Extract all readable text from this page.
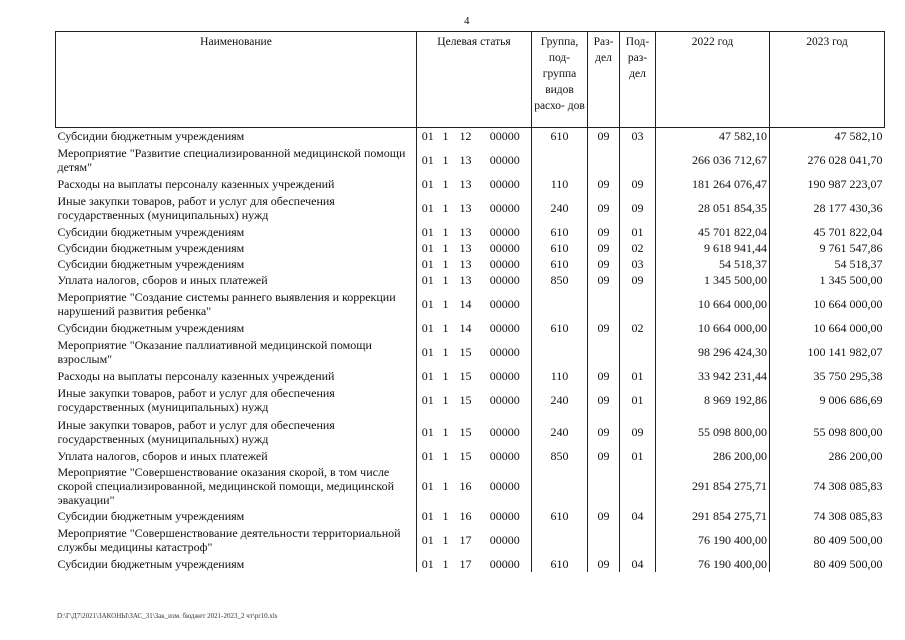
4
Наименование	Целевая статья				Группа, под- группа видов расхо- дов	Раз- дел	Под- раз- дел	2022 год	2023 год
Субсидии бюджетным учреждениям	01	1	12	00000	610	09	03	47 582,10	47 582,10
Мероприятие "Развитие специализированной медицинской помощи детям"	01	1	13	00000				266 036 712,67	276 028 041,70
Расходы на выплаты персоналу казенных учреждений	01	1	13	00000	110	09	09	181 264 076,47	190 987 223,07
Иные закупки товаров, работ и услуг для обеспечения государственных (муниципальных) нужд	01	1	13	00000	240	09	09	28 051 854,35	28 177 430,36
Субсидии бюджетным учреждениям	01	1	13	00000	610	09	01	45 701 822,04	45 701 822,04
Субсидии бюджетным учреждениям	01	1	13	00000	610	09	02	9 618 941,44	9 761 547,86
Субсидии бюджетным учреждениям	01	1	13	00000	610	09	03	54 518,37	54 518,37
Уплата налогов, сборов и иных платежей	01	1	13	00000	850	09	09	1 345 500,00	1 345 500,00
Мероприятие "Создание системы раннего выявления и коррекции нарушений развития ребенка"	01	1	14	00000				10 664 000,00	10 664 000,00
Субсидии бюджетным учреждениям	01	1	14	00000	610	09	02	10 664 000,00	10 664 000,00
Мероприятие "Оказание паллиативной медицинской помощи взрослым"	01	1	15	00000				98 296 424,30	100 141 982,07
Расходы на выплаты персоналу казенных учреждений	01	1	15	00000	110	09	01	33 942 231,44	35 750 295,38
Иные закупки товаров, работ и услуг для обеспечения государственных (муниципальных) нужд	01	1	15	00000	240	09	01	8 969 192,86	9 006 686,69
Иные закупки товаров, работ и услуг для обеспечения государственных (муниципальных) нужд	01	1	15	00000	240	09	09	55 098 800,00	55 098 800,00
Уплата налогов, сборов и иных платежей	01	1	15	00000	850	09	01	286 200,00	286 200,00
Мероприятие "Совершенствование оказания скорой, в том числе скорой специализированной, медицинской помощи, медицинской эвакуации"	01	1	16	00000				291 854 275,71	74 308 085,83
Субсидии бюджетным учреждениям	01	1	16	00000	610	09	04	291 854 275,71	74 308 085,83
Мероприятие "Совершенствование деятельности территориальной службы медицины катастроф"	01	1	17	00000				76 190 400,00	80 409 500,00
Субсидии бюджетным учреждениям	01	1	17	00000	610	09	04	76 190 400,00	80 409 500,00
D:\Г\Д7\2021\ЗАКОНЫ\ЗАС_31\Зак_изм. бюджет 2021-2023_2 чт\pr10.xls
